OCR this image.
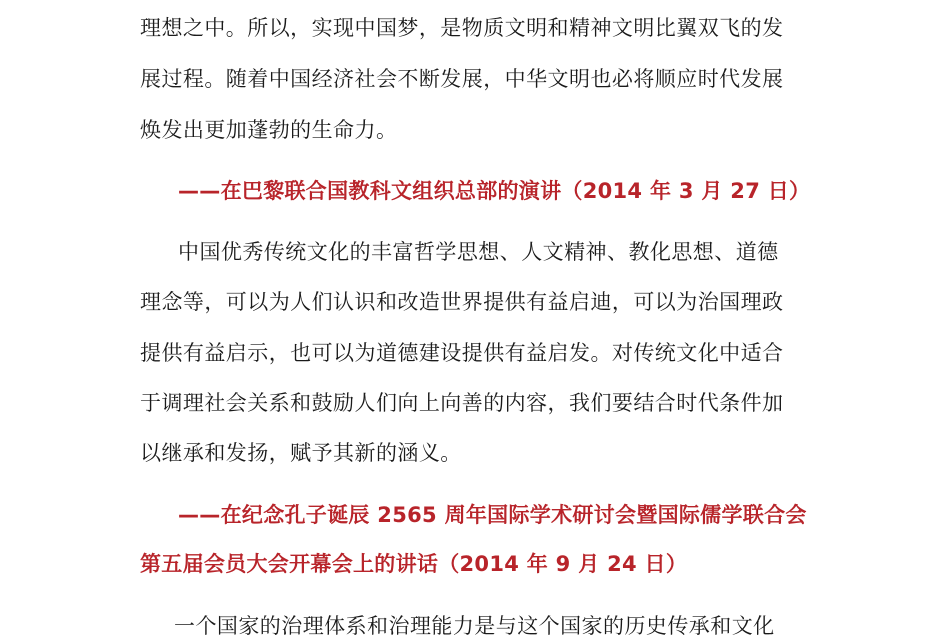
理想之中。所以，实现中国梦，是物质文明和精神文明比翼双飞的发
展过程。随着中国经济社会不断发展，中华文明也必将顺应时代发展
焕发出更加蓬勃的生命力。
——在巴黎联合国教科文组织总部的演讲（2014 年 3 月 27 日）
中国优秀传统文化的丰富哲学思想、人文精神、教化思想、道德
理念等，可以为人们认识和改造世界提供有益启迪，可以为治国理政
提供有益启示，也可以为道德建设提供有益启发。对传统文化中适合
于调理社会关系和鼓励人们向上向善的内容，我们要结合时代条件加
以继承和发扬，赋予其新的涵义。
——在纪念孔子诞辰 2565 周年国际学术研讨会暨国际儒学联合会
第五届会员大会开幕会上的讲话（2014 年 9 月 24 日）
一个国家的治理体系和治理能力是与这个国家的历史传承和文化
